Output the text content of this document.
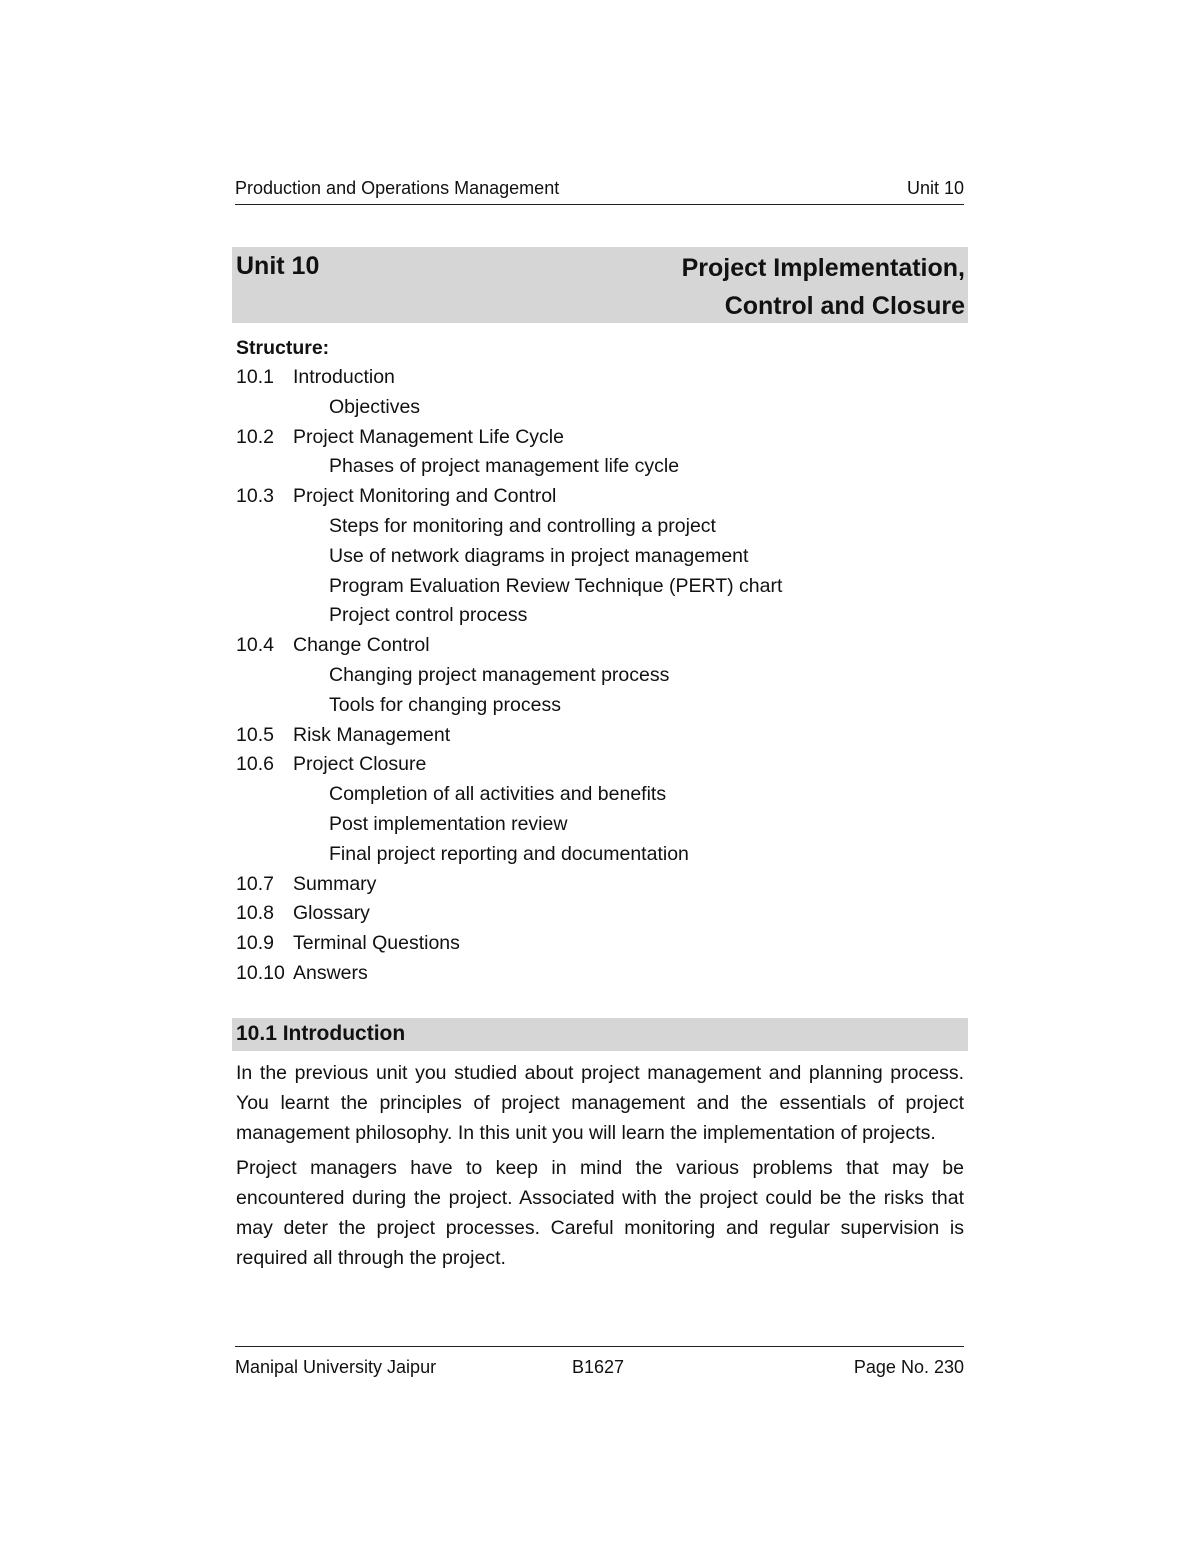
Production and Operations Management	Unit 10
Unit 10	Project Implementation,
Control and Closure
Structure:
10.1 Introduction
Objectives
10.2 Project Management Life Cycle
Phases of project management life cycle
10.3 Project Monitoring and Control
Steps for monitoring and controlling a project
Use of network diagrams in project management
Program Evaluation Review Technique (PERT) chart
Project control process
10.4 Change Control
Changing project management process
Tools for changing process
10.5 Risk Management
10.6 Project Closure
Completion of all activities and benefits
Post implementation review
Final project reporting and documentation
10.7 Summary
10.8 Glossary
10.9 Terminal Questions
10.10 Answers
10.1 Introduction

In the previous unit you studied about project management and planning process. You learnt the principles of project management and the essentials of project management philosophy. In this unit you will learn the implementation of projects.

Project managers have to keep in mind the various problems that may be encountered during the project. Associated with the project could be the risks that may deter the project processes. Careful monitoring and regular supervision is required all through the project.

Manipal University Jaipur	B1627	Page No. 230
